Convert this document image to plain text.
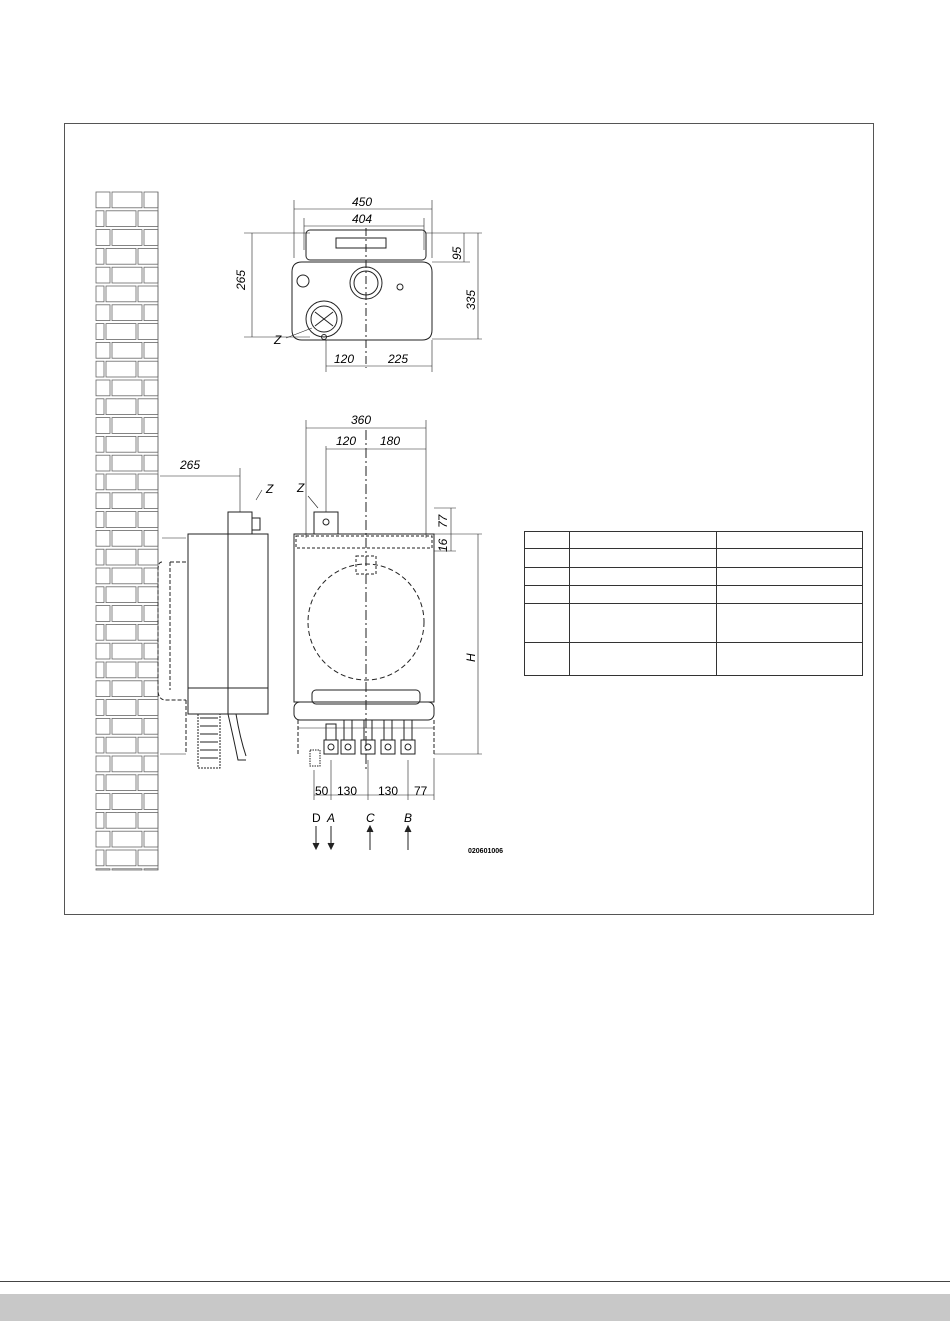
450
404
265
95
335
Z
120	225
265
Z
360
120 180
Z
77
16
H
50 130 130 77
D A	C B
020601006
